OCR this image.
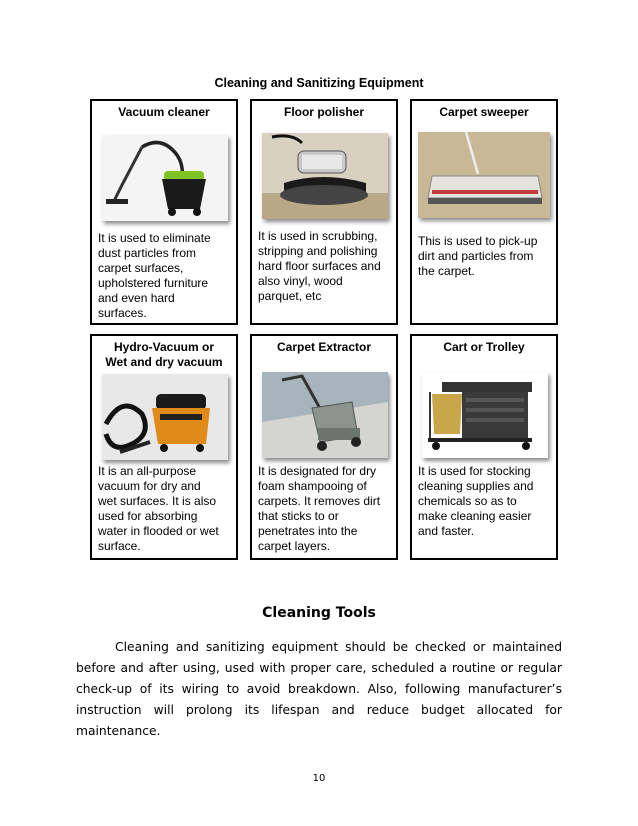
Cleaning and Sanitizing Equipment
Vacuum cleaner
It is used to eliminate
dust particles from
carpet surfaces,
upholstered furniture
and even hard
surfaces.
Floor polisher
It is used in scrubbing,
stripping and polishing
hard floor surfaces and
also vinyl, wood
parquet, etc
Carpet sweeper
This is used to pick-up
dirt and particles from
the carpet.
Hydro-Vacuum or
Wet and dry vacuum
It is an all-purpose
vacuum for dry and
wet surfaces. It is also
used for absorbing
water in flooded or wet
surface.
Carpet Extractor
It is designated for dry
foam shampooing of
carpets. It removes dirt
that sticks to or
penetrates into the
carpet layers.
Cart or Trolley
It is used for stocking
cleaning supplies and
chemicals so as to
make cleaning easier
and faster.
Cleaning Tools

Cleaning and sanitizing equipment should be checked or maintained before and after using, used with proper care, scheduled a routine or regular check-up of its wiring to avoid breakdown. Also, following manufacturer’s instruction will prolong its lifespan and reduce budget allocated for maintenance.

10
